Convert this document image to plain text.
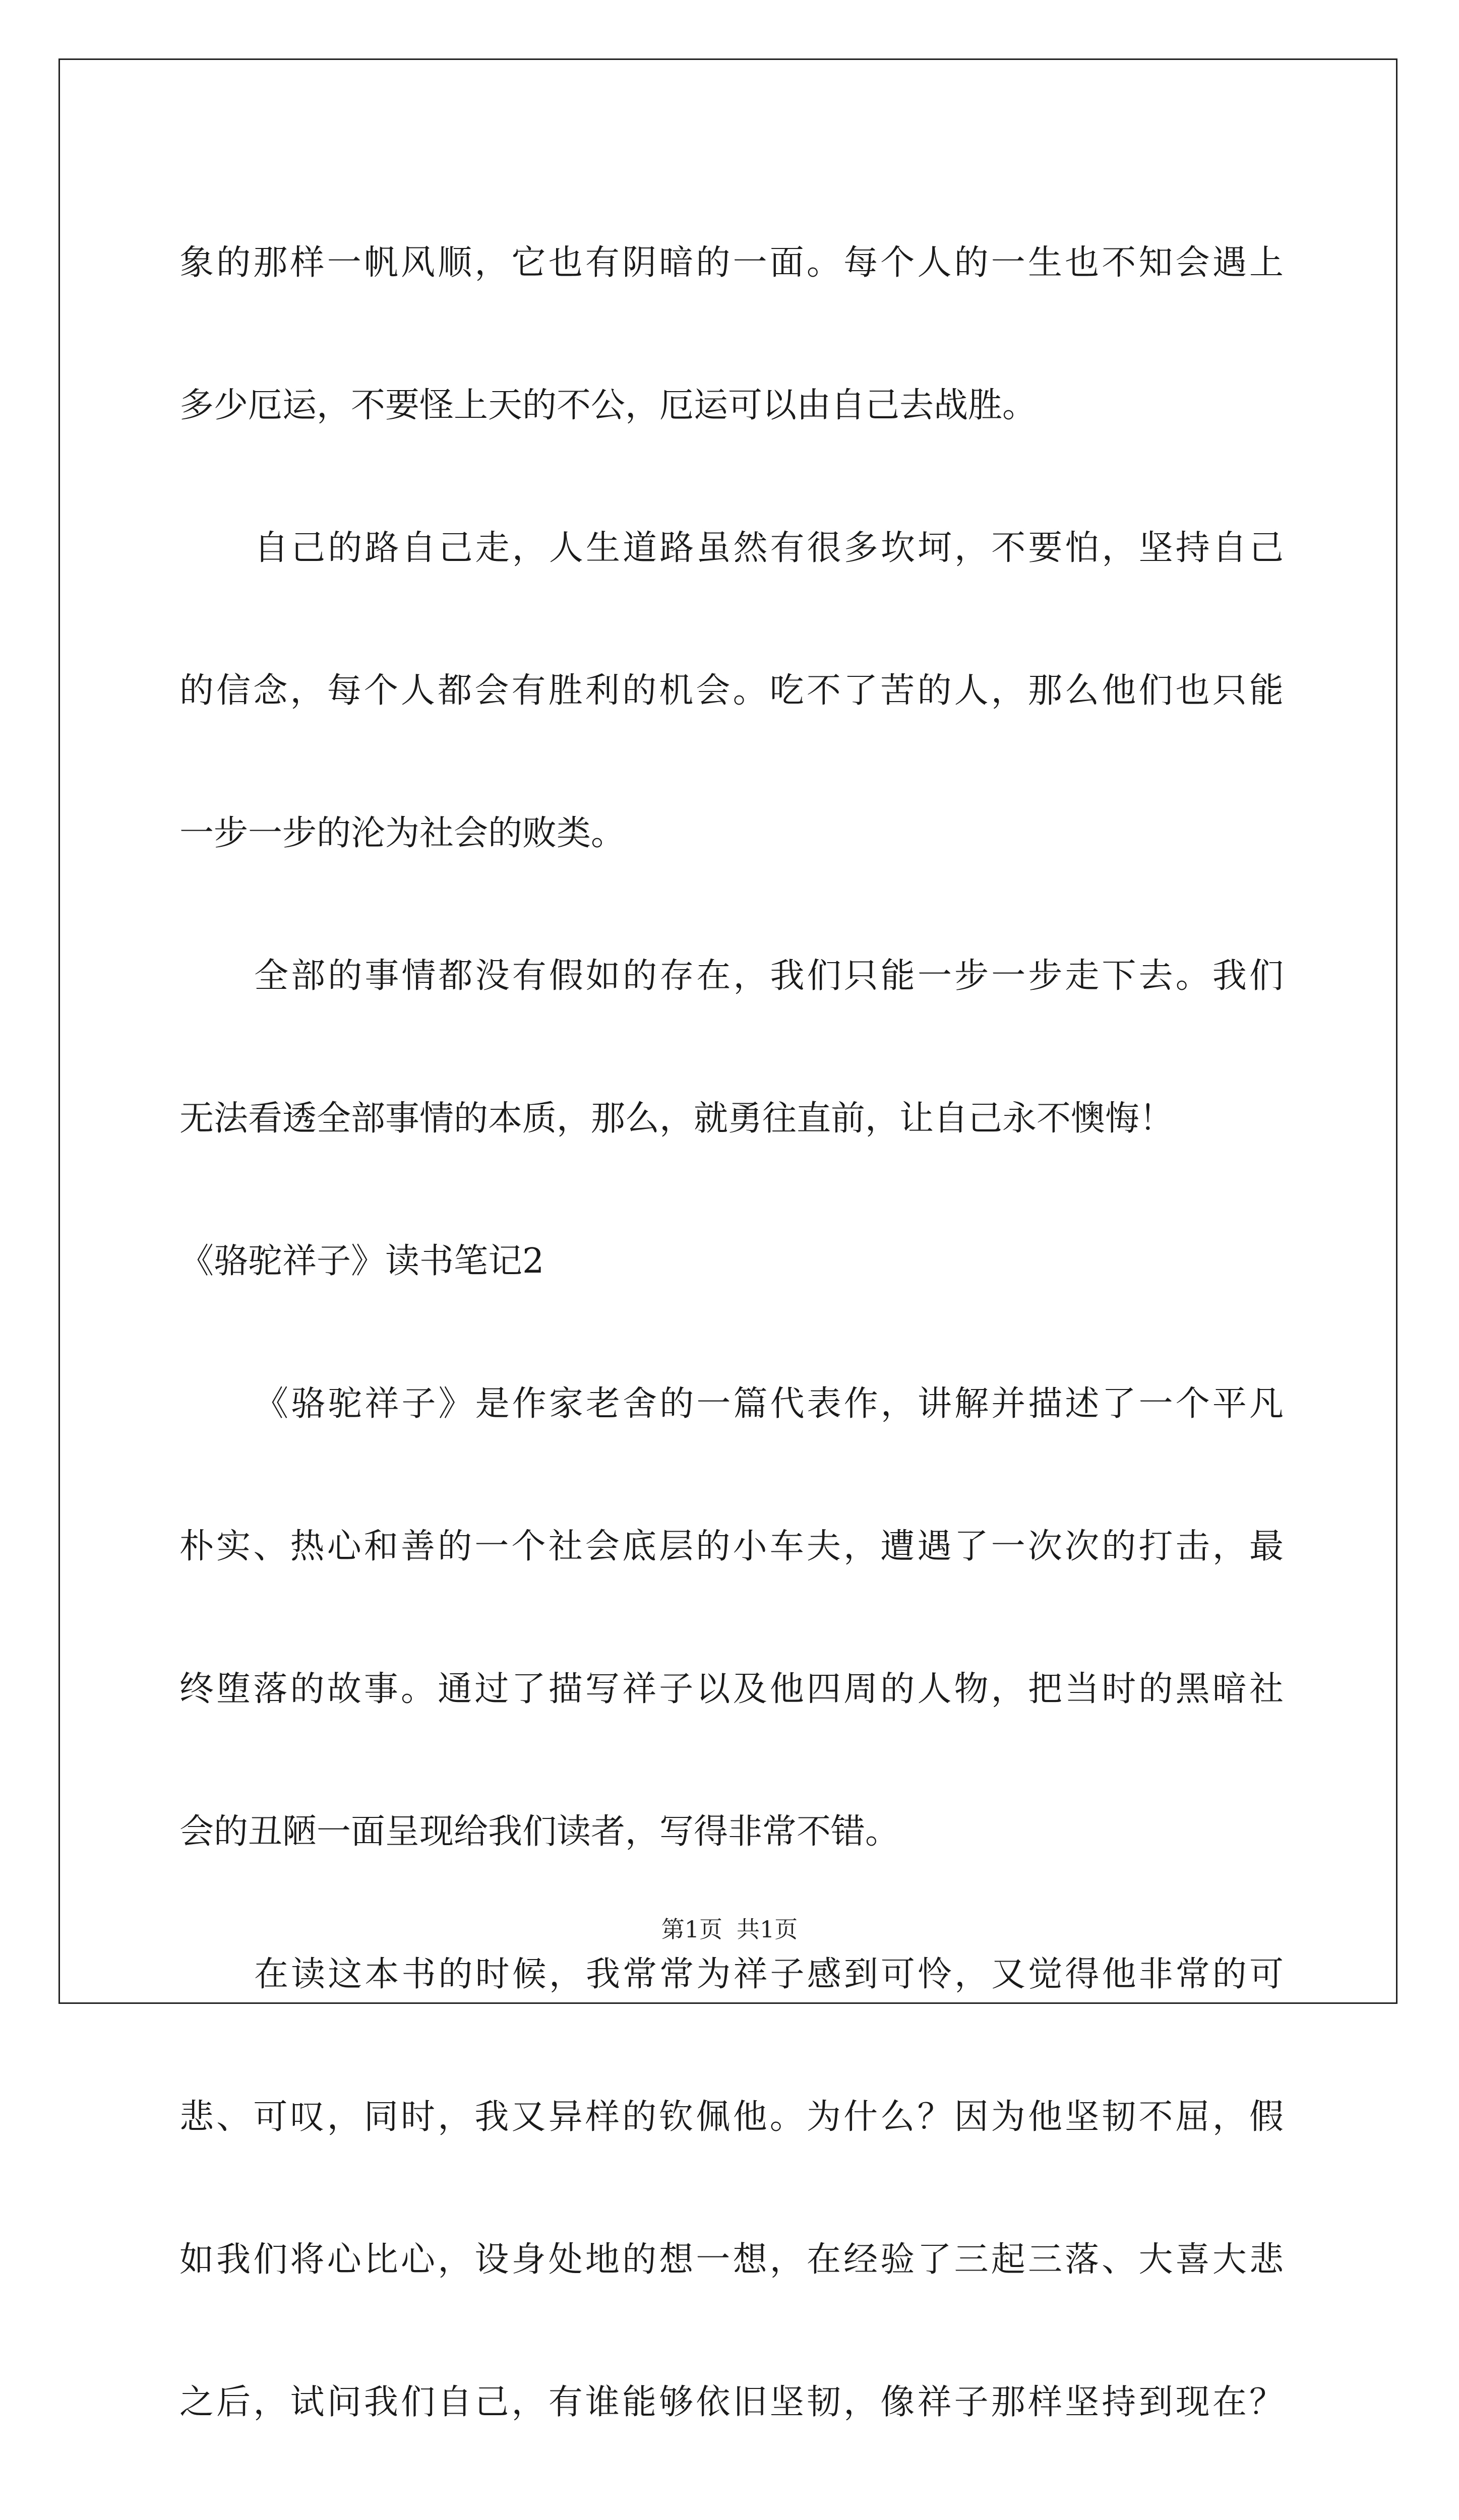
象的那样一帆风顺，它也有阴暗的一面。每个人的一生也不知会遇上
多少厄运，不要怪上天的不公，厄运可以由自己去战胜。
自己的路自己走，人生道路虽然有很多坎坷，不要怕，坚持自己
的信念，每个人都会有胜利的机会。吃不了苦的人，那么他们也只能
一步一步的沦为社会的败类。
全部的事情都没有假如的存在，我们只能一步一步走下去。我们
无法看透全部事情的本质，那么，就勇往直前，让自己永不懊悔！
《骆驼祥子》读书笔记2
《骆驼祥子》是作家老舍的一篇代表作，讲解并描述了一个平凡
朴实、热心和善的一个社会底层的小车夫，遭遇了一次次的打击，最
终堕落的故事。通过了描写祥子以及他四周的人物，把当时的黑暗社
会的丑陋一面呈现给我们读者，写得非常不错。
在读这本书的时候，我常常为祥子感到可怜，又觉得他非常的可
悲、可叹，同时，我又异样的钦佩他。为什么？因为他坚韧不屈，假
如我们将心比心，设身处地的想一想，在经验了三起三落、大喜大悲
之后，试问我们自己，有谁能够依旧坚韧，像祥子那样坚持到现在？
第1页 共1页
